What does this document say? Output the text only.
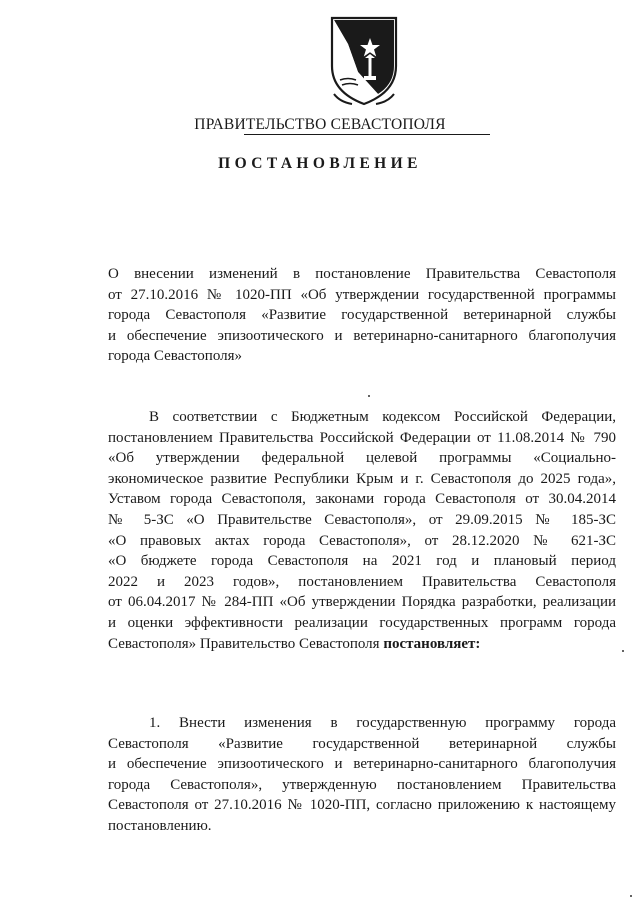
ПРАВИТЕЛЬСТВО СЕВАСТОПОЛЯ
ПОСТАНОВЛЕНИЕ
О внесении изменений в постановление Правительства Севастополя
от 27.10.2016 № 1020-ПП «Об утверждении государственной программы
города Севастополя «Развитие государственной ветеринарной службы
и обеспечение эпизоотического и ветеринарно-санитарного благополучия
города Севастополя»
В соответствии с Бюджетным кодексом Российской Федерации,
постановлением Правительства Российской Федерации от 11.08.2014 № 790
«Об утверждении федеральной целевой программы «Социально-
экономическое развитие Республики Крым и г. Севастополя до 2025 года»,
Уставом города Севастополя, законами города Севастополя от 30.04.2014
№ 5-ЗС «О Правительстве Севастополя», от 29.09.2015 № 185-ЗС
«О правовых актах города Севастополя», от 28.12.2020 № 621-ЗС
«О бюджете города Севастополя на 2021 год и плановый период
2022 и 2023 годов», постановлением Правительства Севастополя
от 06.04.2017 № 284-ПП «Об утверждении Порядка разработки, реализации
и оценки эффективности реализации государственных программ города
Севастополя» Правительство Севастополя постановляет:
1. Внести изменения в государственную программу города
Севастополя «Развитие государственной ветеринарной службы
и обеспечение эпизоотического и ветеринарно-санитарного благополучия
города Севастополя», утвержденную постановлением Правительства
Севастополя от 27.10.2016 № 1020-ПП, согласно приложению к настоящему
постановлению.
